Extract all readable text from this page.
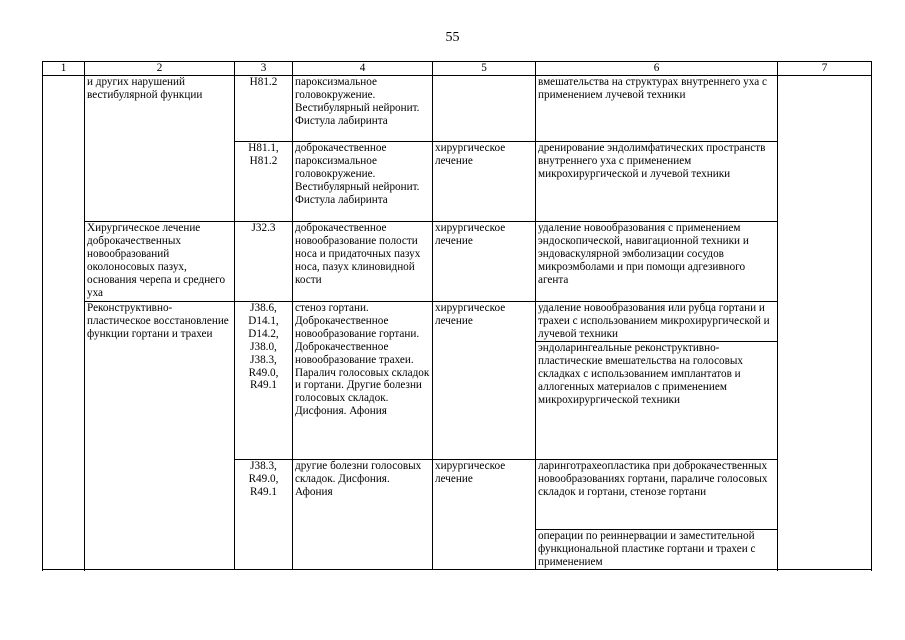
55
1	2	3	4	5	6	7
	и других нарушений вестибулярной функции	H81.2	пароксизмальное головокружение. Вестибулярный нейронит. Фистула лабиринта		вмешательства на структурах внутреннего уха с применением лучевой техники	
		H81.1, H81.2	доброкачественное пароксизмальное головокружение. Вестибулярный нейронит. Фистула лабиринта	хирургическое лечение	дренирование эндолимфатических пространств внутреннего уха с применением микрохирургической и лучевой техники	
	Хирургическое лечение доброкачественных новообразований околоносовых пазух, основания черепа и среднего уха	J32.3	доброкачественное новообразование полости носа и придаточных пазух носа, пазух клиновидной кости	хирургическое лечение	удаление новообразования с применением эндоскопической, навигационной техники и эндоваскулярной эмболизации сосудов микроэмболами и при помощи адгезивного агента	
	Реконструктивно-пластическое восстановление функции гортани и трахеи	J38.6, D14.1, D14.2, J38.0, J38.3, R49.0, R49.1	стеноз гортани. Доброкачественное новообразование гортани. Доброкачественное новообразование трахеи. Паралич голосовых складок и гортани. Другие болезни голосовых складок. Дисфония. Афония	хирургическое лечение	удаление новообразования или рубца гортани и трахеи с использованием микрохирургической и лучевой техники	
					эндоларингеальные реконструктивно-пластические вмешательства на голосовых складках с использованием имплантатов и аллогенных материалов с применением микрохирургической техники	
		J38.3, R49.0, R49.1	другие болезни голосовых складок. Дисфония. Афония	хирургическое лечение	ларинготрахеопластика при доброкачественных новообразованиях гортани, параличе голосовых складок и гортани, стенозе гортани	
					операции по реиннервации и заместительной функциональной пластике гортани и трахеи с применением	
